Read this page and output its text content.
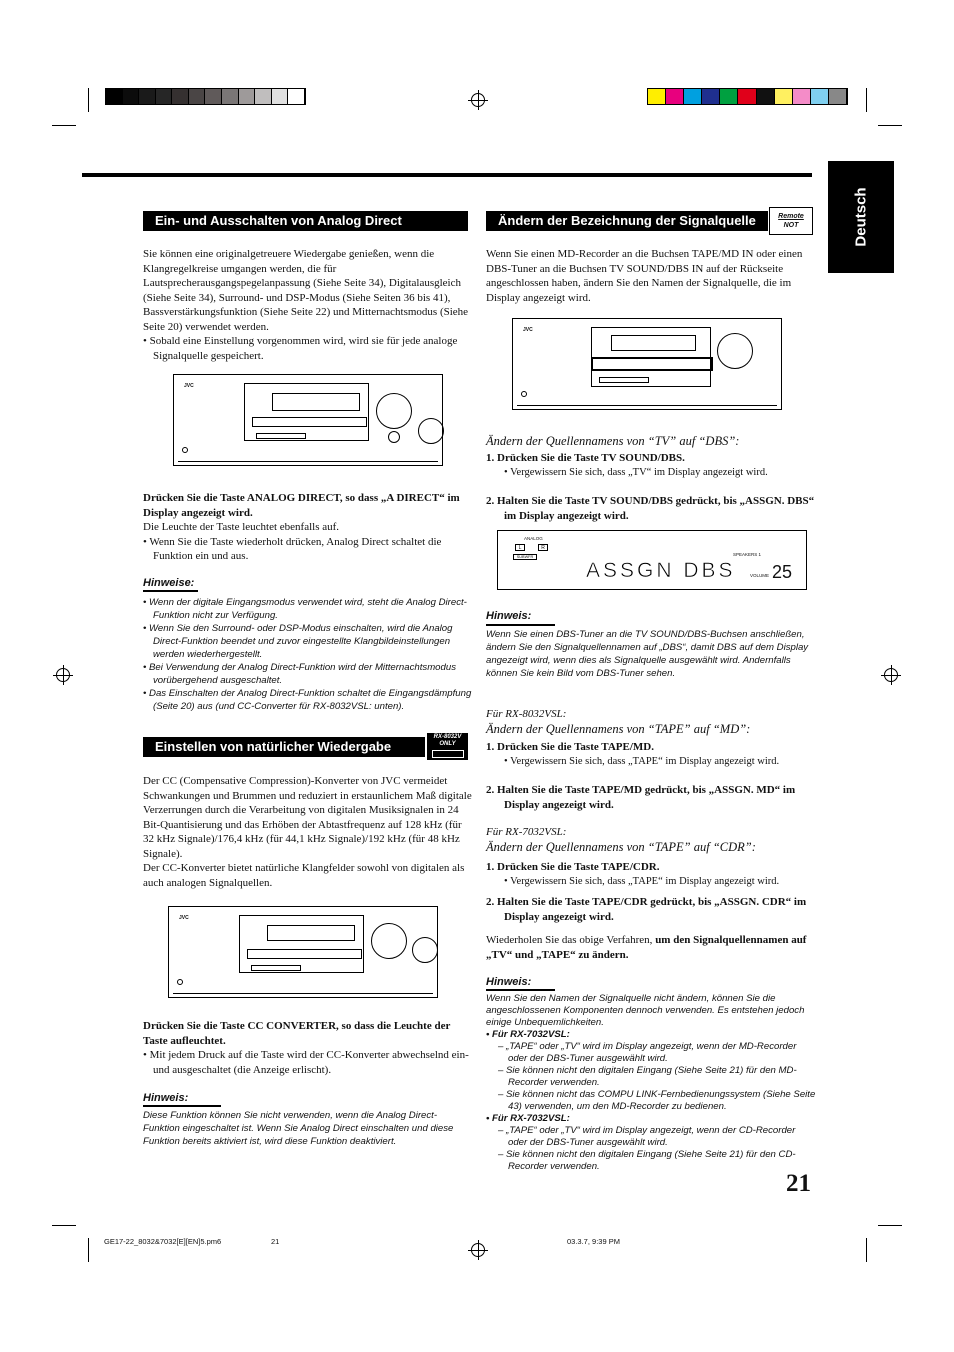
Deutsch
Ein- und Ausschalten von Analog Direct

Sie können eine originalgetreuere Wiedergabe genießen, wenn die Klangregelkreise umgangen werden, die für Lautsprecherausgangspegelanpassung (Siehe Seite 34), Digitalausgleich (Siehe Seite 34), Surround- und DSP-Modus (Siehe Seiten 36 bis 41), Bassverstärkungsfunktion (Siehe Seite 22) und Mitternachtsmodus (Siehe Seite 20) verwendet werden.

• Sobald eine Einstellung vorgenommen wird, wird sie für jede analoge Signalquelle gespeichert.

JVC

Drücken Sie die Taste ANALOG DIRECT, so dass „A DIRECT“ im Display angezeigt wird.

Die Leuchte der Taste leuchtet ebenfalls auf.

• Wenn Sie die Taste wiederholt drücken, Analog Direct schaltet die Funktion ein und aus.

Hinweise:

• Wenn der digitale Eingangsmodus verwendet wird, steht die Analog Direct-Funktion nicht zur Verfügung.

• Wenn Sie den Surround- oder DSP-Modus einschalten, wird die Analog Direct-Funktion beendet und zuvor eingestellte Klangbildeinstellungen werden wiederhergestellt.

• Bei Verwendung der Analog Direct-Funktion wird der Mitternachtsmodus vorübergehend ausgeschaltet.

• Das Einschalten der Analog Direct-Funktion schaltet die Eingangsdämpfung (Seite 20) aus (und CC-Converter für RX-8032VSL: unten).

Einstellen von natürlicher Wiedergabe
RX-8032V
ONLY

Der CC (Compensative Compression)-Konverter von JVC vermeidet Schwankungen und Brummen und reduziert in erstaunlichem Maß digitale Verzerrungen durch die Verarbeitung von digitalen Musiksignalen in 24 Bit-Quantisierung und das Erhöben der Abtastfrequenz auf 128 kHz (für 32 kHz Signale)/176,4 kHz (für 44,1 kHz Signale)/192 kHz (für 48 kHz Signale).

Der CC-Konverter bietet natürliche Klangfelder sowohl von digitalen als auch analogen Signalquellen.

JVC

Drücken Sie die Taste CC CONVERTER, so dass die Leuchte der Taste aufleuchtet.

• Mit jedem Druck auf die Taste wird der CC-Konverter abwechselnd ein- und ausgeschaltet (die Anzeige erlischt).

Hinweis:
Diese Funktion können Sie nicht verwenden, wenn die Analog Direct-Funktion eingeschaltet ist. Wenn Sie Analog Direct einschalten und diese Funktion bereits aktiviert ist, wird diese Funktion deaktiviert.
Ändern der Bezeichnung der Signalquelle	Remote
NOT
Wenn Sie einen MD-Recorder an die Buchsen TAPE/MD IN oder einen DBS-Tuner an die Buchsen TV SOUND/DBS IN auf der Rückseite angeschlossen haben, ändern Sie den Namen der Signalquelle, die im Display angezeigt wird.
JVC
Ändern der Quellennamens von “TV” auf “DBS”:

1. Drücken Sie die Taste TV SOUND/DBS.

• Vergewissern Sie sich, dass „TV“ im Display angezeigt wird.

2. Halten Sie die Taste TV SOUND/DBS gedrückt, bis „ASSGN. DBS“ im Display angezeigt wird.

ANALOG
L	R
SUBWFR	SPEAKERS 1
ASSGN DBS	VOLUME 25
Hinweis:
Wenn Sie einen DBS-Tuner an die TV SOUND/DBS-Buchsen anschließen, ändern Sie den Signalquellennamen auf „DBS“, damit DBS auf dem Display angezeigt wird, wenn dies als Signalquelle ausgewählt wird. Andernfalls können Sie kein Bild vom DBS-Tuner sehen.
Für RX-8032VSL:
Ändern der Quellennamens von “TAPE” auf “MD”:

1. Drücken Sie die Taste TAPE/MD.

• Vergewissern Sie sich, dass „TAPE“ im Display angezeigt wird.

2. Halten Sie die Taste TAPE/MD gedrückt, bis „ASSGN. MD“ im Display angezeigt wird.

Für RX-7032VSL:
Ändern der Quellennamens von “TAPE” auf “CDR”:

1. Drücken Sie die Taste TAPE/CDR.

• Vergewissern Sie sich, dass „TAPE“ im Display angezeigt wird.

2. Halten Sie die Taste TAPE/CDR gedrückt, bis „ASSGN. CDR“ im Display angezeigt wird.

Wiederholen Sie das obige Verfahren, um den Signalquellennamen auf „TV“ und „TAPE“ zu ändern.
Hinweis:

Wenn Sie den Namen der Signalquelle nicht ändern, können Sie die angeschlossenen Komponenten dennoch verwenden. Es entstehen jedoch einige Unbequemlichkeiten.

• Für RX-7032VSL:

– „TAPE“ oder „TV“ wird im Display angezeigt, wenn der MD-Recorder oder der DBS-Tuner ausgewählt wird.

– Sie können nicht den digitalen Eingang (Siehe Seite 21) für den MD-Recorder verwenden.

– Sie können nicht das COMPU LINK-Fernbedienungssystem (Siehe Seite 43) verwenden, um den MD-Recorder zu bedienen.

• Für RX-7032VSL:

– „TAPE“ oder „TV“ wird im Display angezeigt, wenn der CD-Recorder oder der DBS-Tuner ausgewählt wird.

– Sie können nicht den digitalen Eingang (Siehe Seite 21) für den CD-Recorder verwenden.

21
GE17-22_8032&7032[E][EN]5.pm6	21	03.3.7, 9:39 PM
